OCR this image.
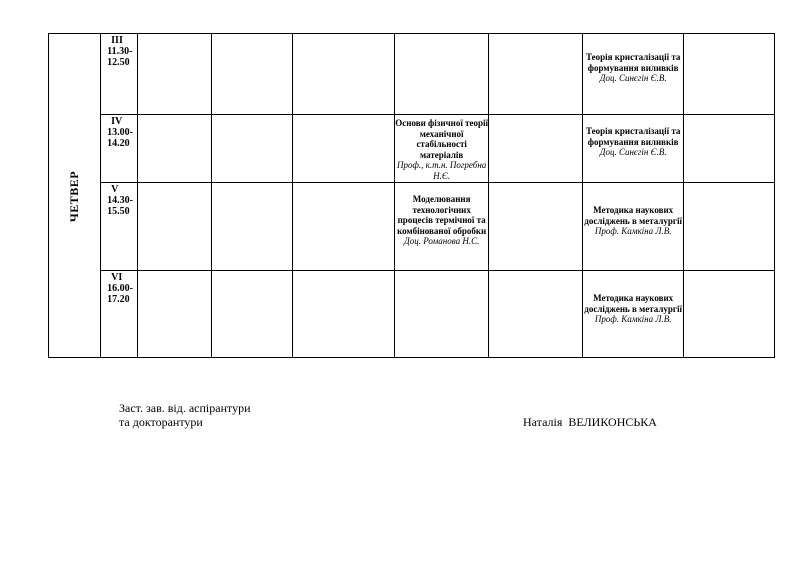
ЧЕТВЕР	III
11.30-
12.50						Теорія кристалізації та формування виливків
Доц. Синєгін Є.В.	

	IV
13.00-
14.20				Основи фізичної теорії механічної стабільності матеріалів
Проф., к.т.н. Погребна Н.Є.		Теорія кристалізації та формування виливків
Доц. Синєгін Є.В.	

	V
14.30-
15.50				Моделювання технологічних процесів термічної та комбінованої обробки
Доц. Романова Н.С.		Методика наукових досліджень в металургії
Проф. Камкіна Л.В.	

	VI
16.00-
17.20						Методика наукових досліджень в металургії
Проф. Камкіна Л.В.	

Заст. зав. від. аспірантури
та докторантури	Наталія  ВЕЛИКОНСЬКА
